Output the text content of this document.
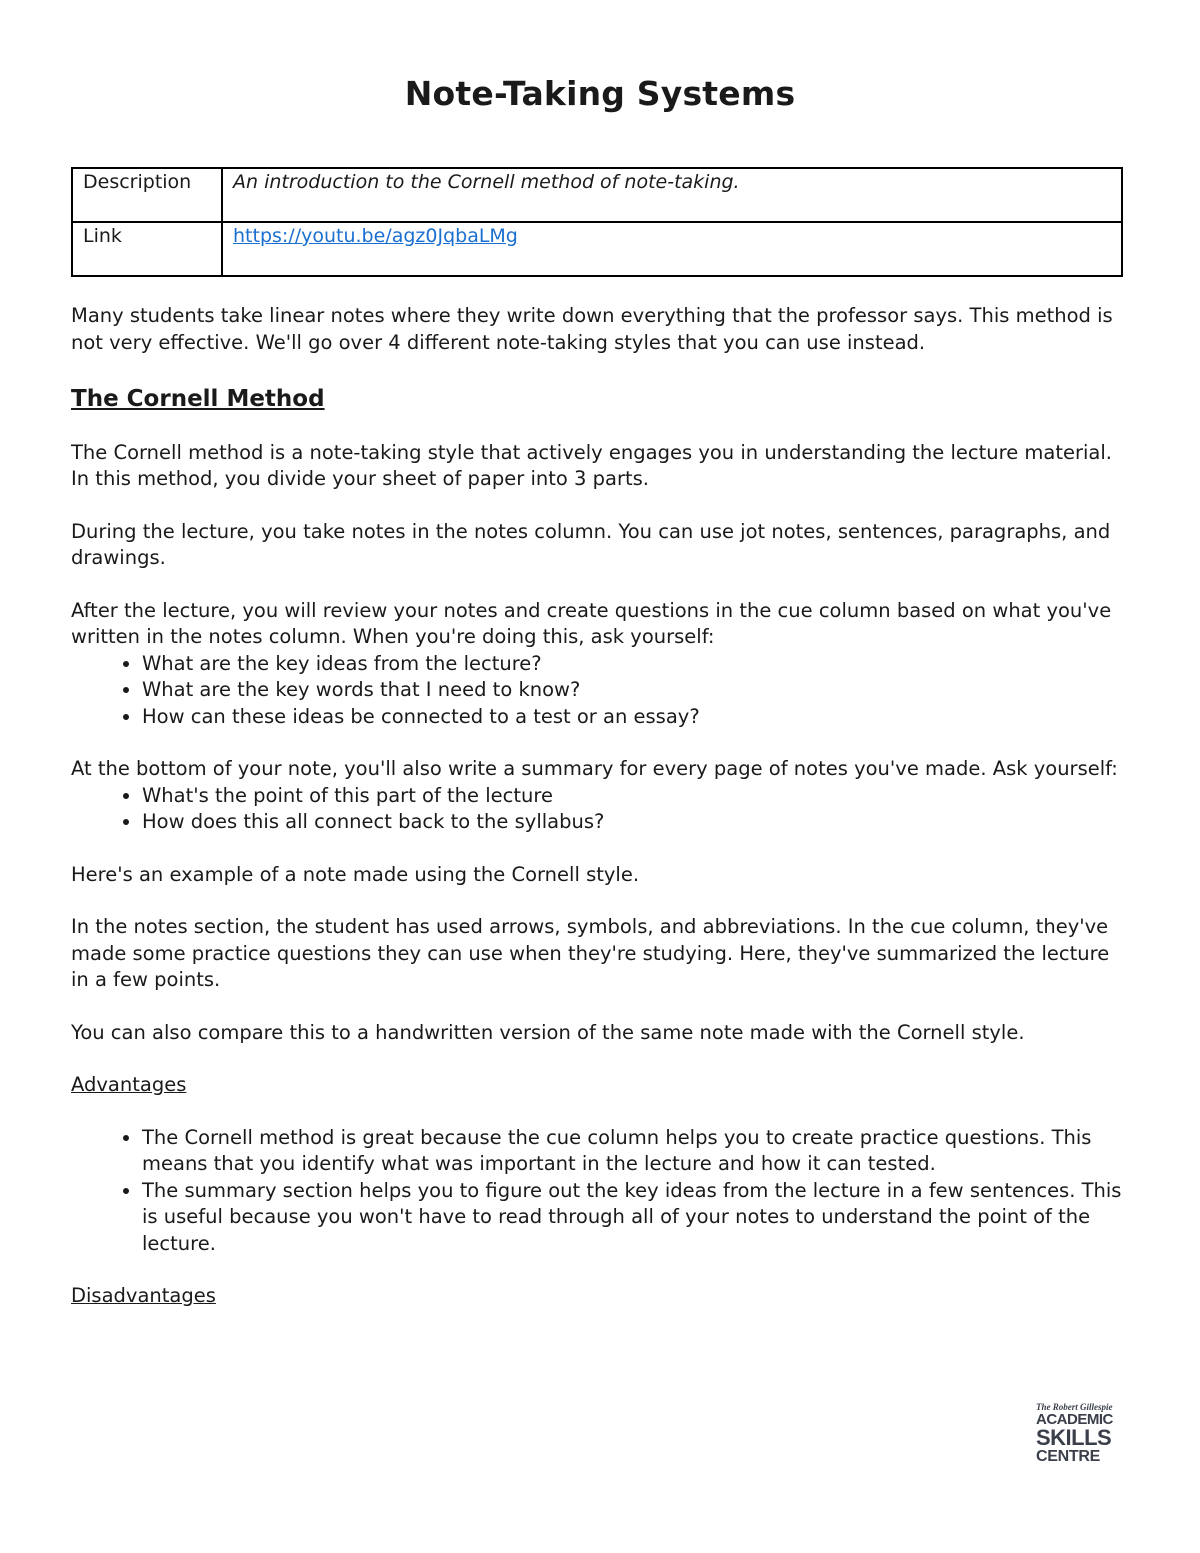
Note-Taking Systems
Description	An introduction to the Cornell method of note-taking.
Link	https://youtu.be/agz0JqbaLMg

Many students take linear notes where they write down everything that the professor says. This method is not very effective. We'll go over 4 different note-taking styles that you can use instead.

The Cornell Method

The Cornell method is a note-taking style that actively engages you in understanding the lecture material. In this method, you divide your sheet of paper into 3 parts.

During the lecture, you take notes in the notes column. You can use jot notes, sentences, paragraphs, and drawings.

After the lecture, you will review your notes and create questions in the cue column based on what you've written in the notes column. When you're doing this, ask yourself:

• What are the key ideas from the lecture?
• What are the key words that I need to know?
• How can these ideas be connected to a test or an essay?

At the bottom of your note, you'll also write a summary for every page of notes you've made. Ask yourself:

• What's the point of this part of the lecture
• How does this all connect back to the syllabus?

Here's an example of a note made using the Cornell style.

In the notes section, the student has used arrows, symbols, and abbreviations. In the cue column, they've made some practice questions they can use when they're studying. Here, they've summarized the lecture in a few points.

You can also compare this to a handwritten version of the same note made with the Cornell style.

Advantages

• The Cornell method is great because the cue column helps you to create practice questions. This means that you identify what was important in the lecture and how it can tested.
• The summary section helps you to figure out the key ideas from the lecture in a few sentences. This is useful because you won't have to read through all of your notes to understand the point of the lecture.

Disadvantages

The Robert Gillespie
ACADEMIC
SKILLS
CENTRE
